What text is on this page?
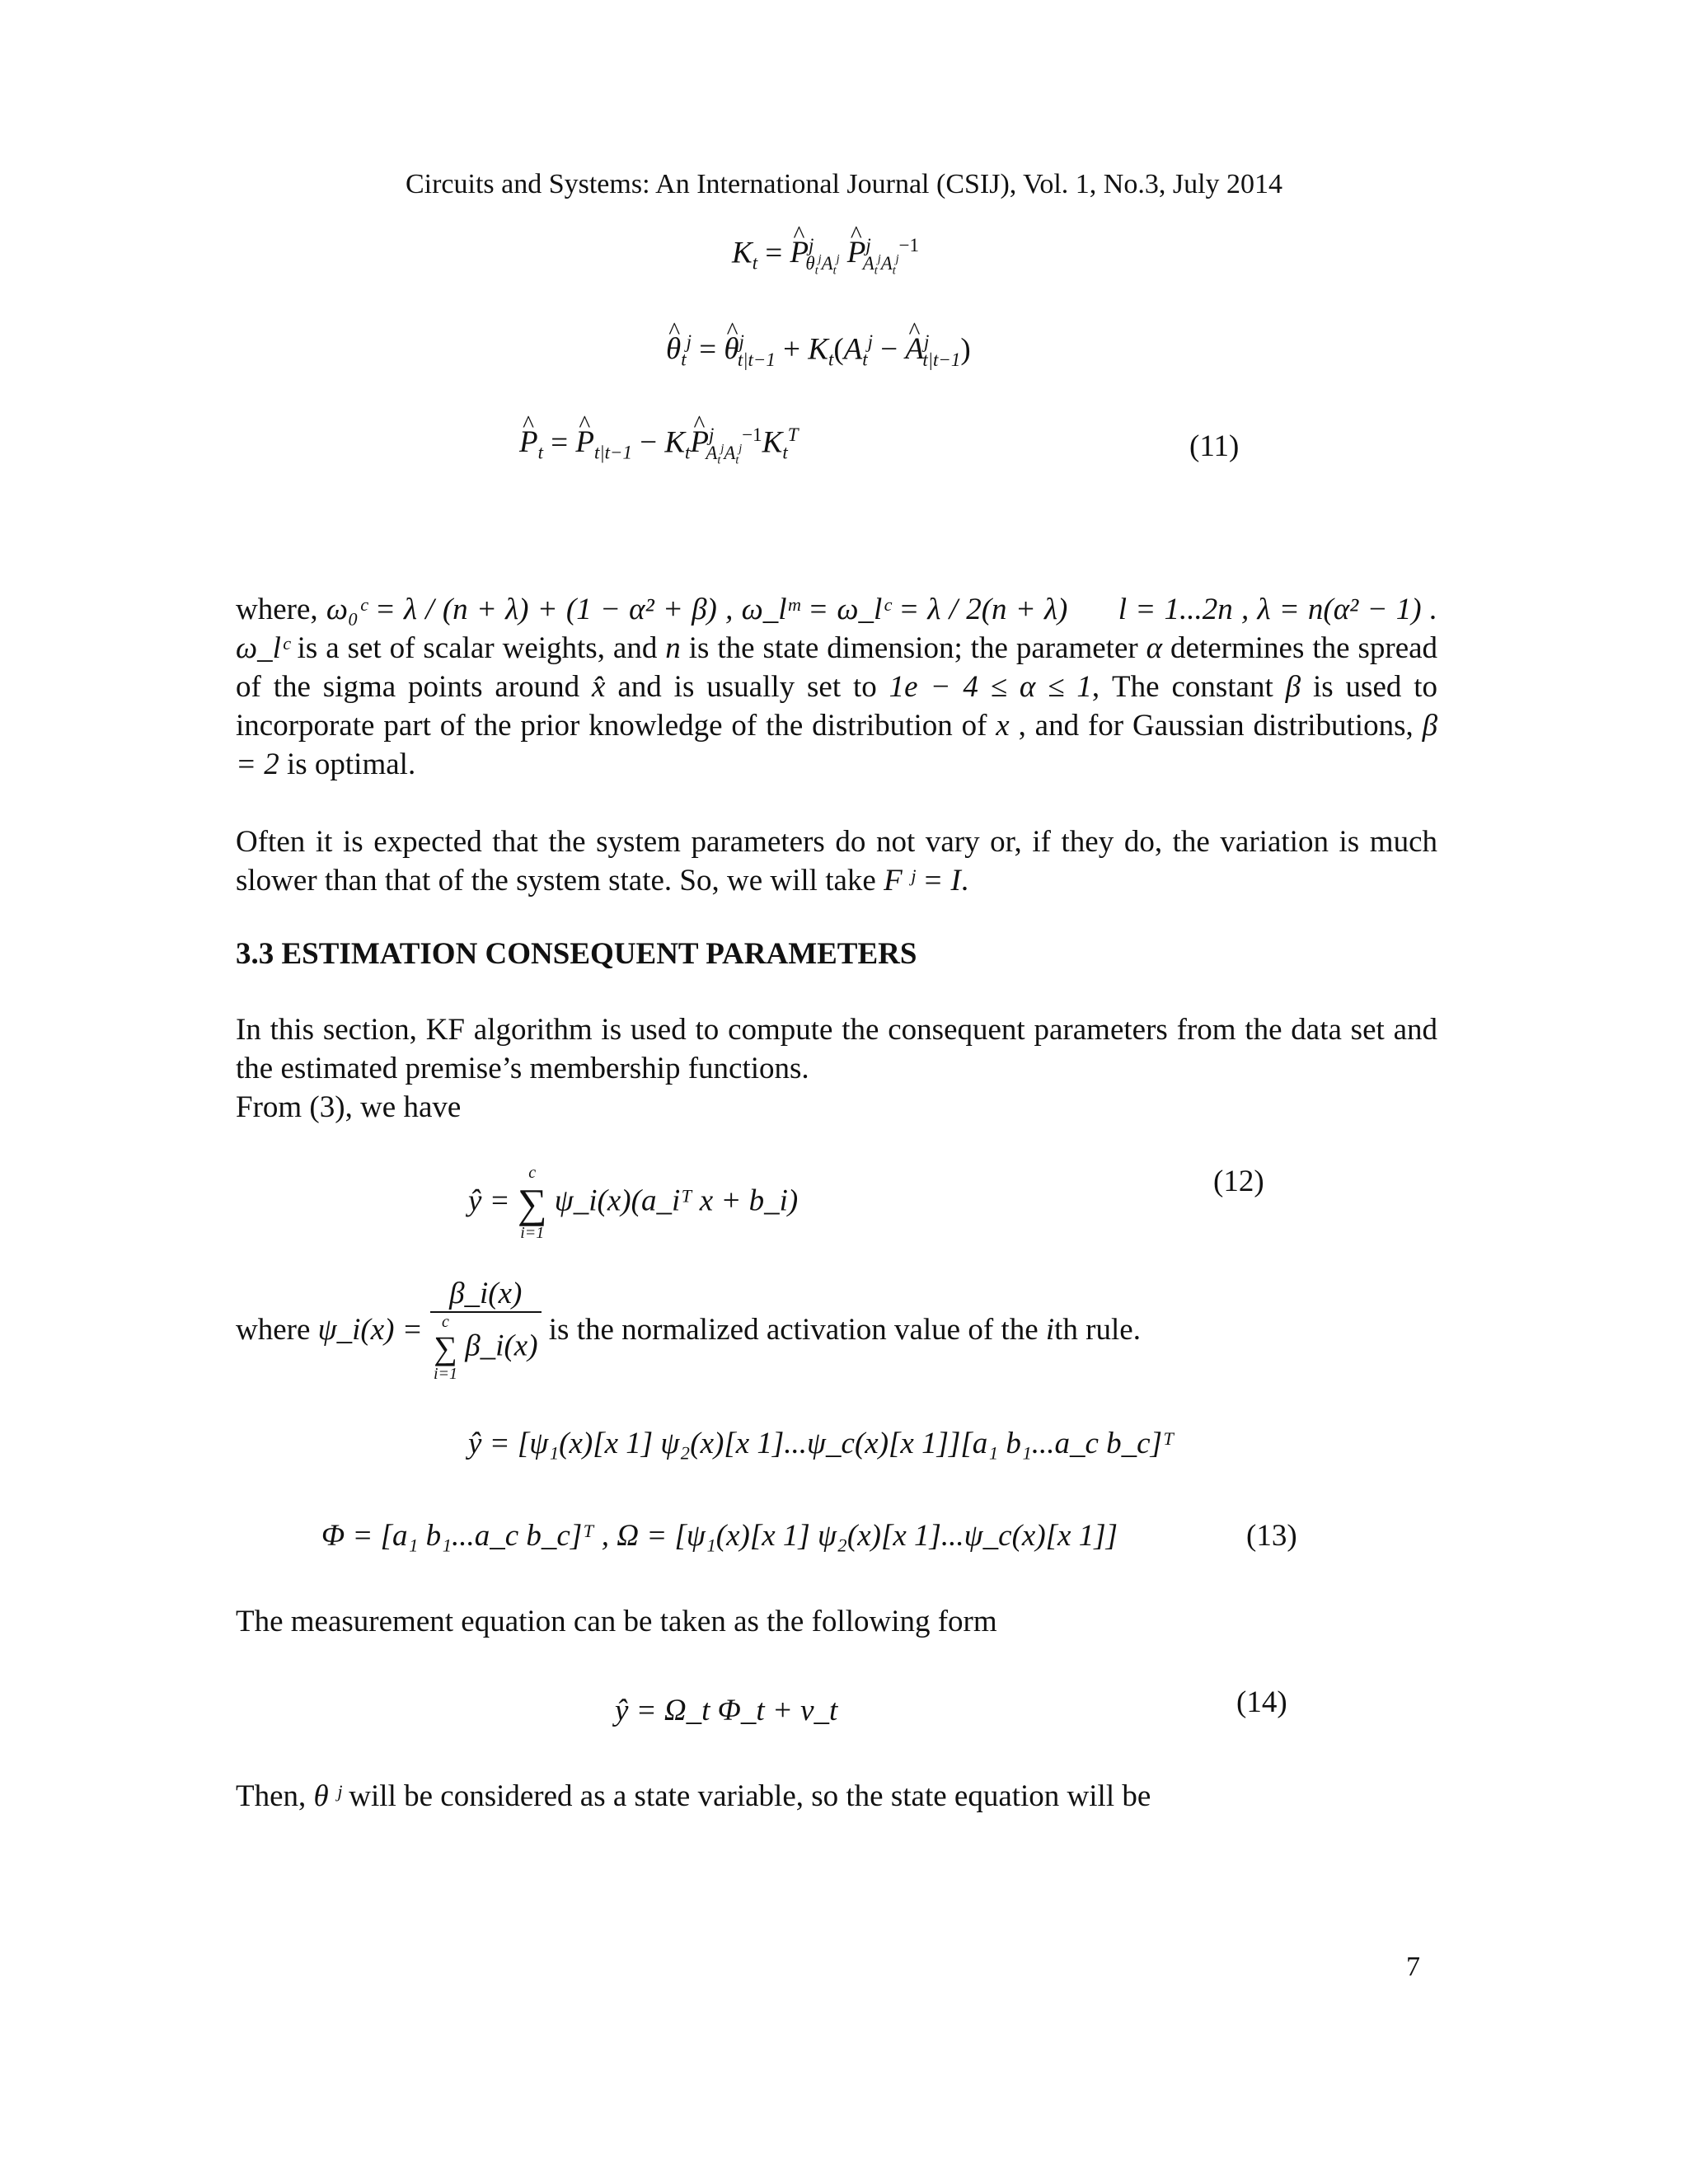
Circuits and Systems: An International Journal (CSIJ), Vol. 1, No.3, July 2014
$K_t$ = ^ $P^j_{\theta_t^jA_t^j}$ ^ $P^j_{A_t^jA_t^j}^{-1}$
^ $\theta_t^j$ = ^ $\theta^j_{t|t-1} + K_t(A_t^j$ − ^ $A^j_{t|t-1}$)
^ $P_t$ = ^ $P_{t|t-1}$ − $K_t\^{}$ $P^j_{A_t^jA_t^j}^{-1}K_t^T$	(11)
where, ω₀ᶜ = λ / (n + λ) + (1 − α² + β) , ω_lᵐ = ω_lᶜ = λ / 2(n + λ) l = 1...2n , λ = n(α² − 1) . ω_lᶜ is a set of scalar weights, and n is the state dimension; the parameter α determines the spread of the sigma points around x̂ and is usually set to 1e − 4 ≤ α ≤ 1, The constant β is used to incorporate part of the prior knowledge of the distribution of x , and for Gaussian distributions, β = 2 is optimal.
Often it is expected that the system parameters do not vary or, if they do, the variation is much slower than that of the system state. So, we will take F ʲ = I.
3.3 ESTIMATION CONSEQUENT PARAMETERS
In this section, KF algorithm is used to compute the consequent parameters from the data set and the estimated premise’s membership functions.
From (3), we have
ŷ =
c
∑
i=1
ψ_i(x)(a_iᵀ x + b_i)
(12)
where ψ_i(x) = β_i(x)
c
∑
i=1
β_i(x) is the normalized activation value of the ith rule.
ŷ = [ψ₁(x)[x 1] ψ₂(x)[x 1]...ψ_c(x)[x 1]][a₁ b₁...a_c b_c]ᵀ
Φ = [a₁ b₁...a_c b_c]ᵀ , Ω = [ψ₁(x)[x 1] ψ₂(x)[x 1]...ψ_c(x)[x 1]]	(13)
The measurement equation can be taken as the following form
ŷ = Ω_t Φ_t + v_t	(14)
Then, θ ʲ will be considered as a state variable, so the state equation will be
7
